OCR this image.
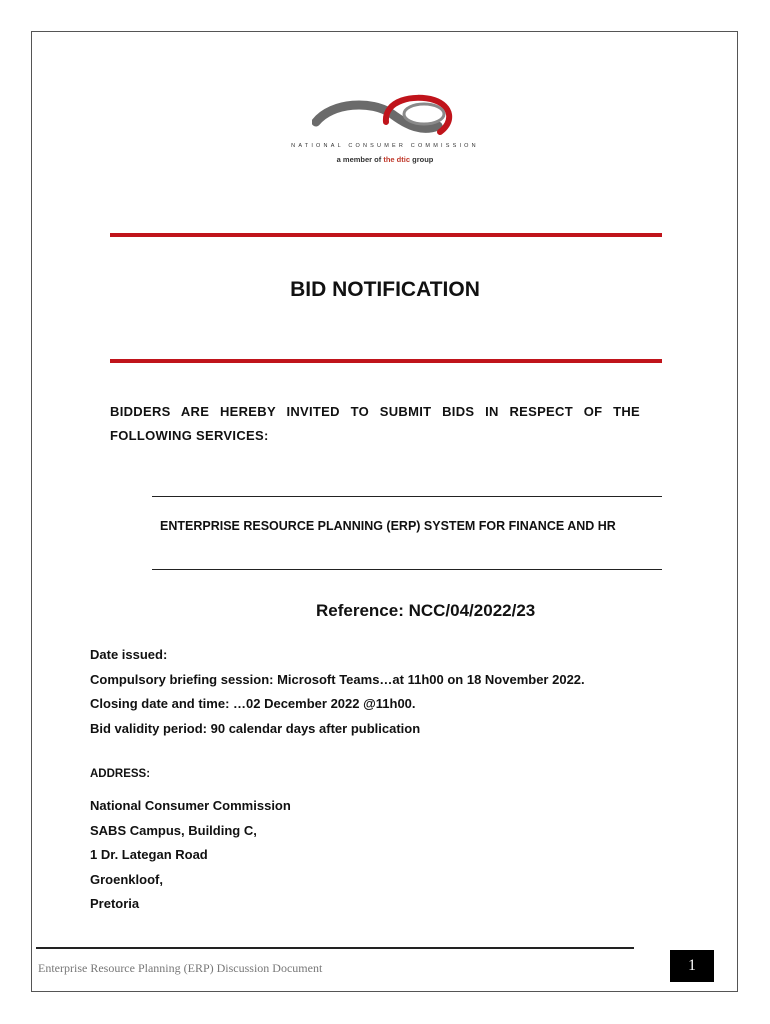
NATIONAL CONSUMER COMMISSION
a member of the dtic group
BID NOTIFICATION
BIDDERS ARE HEREBY INVITED TO SUBMIT BIDS IN RESPECT OF THE FOLLOWING SERVICES:
ENTERPRISE RESOURCE PLANNING (ERP) SYSTEM FOR FINANCE AND HR
Reference: NCC/04/2022/23
Date issued:
Compulsory briefing session: Microsoft Teams…at 11h00 on 18 November 2022.
Closing date and time: …02 December 2022 @11h00.
Bid validity period: 90 calendar days after publication
ADDRESS:
National Consumer Commission
SABS Campus, Building C,
1 Dr. Lategan Road
Groenkloof,
Pretoria
Enterprise Resource Planning (ERP) Discussion Document	1
